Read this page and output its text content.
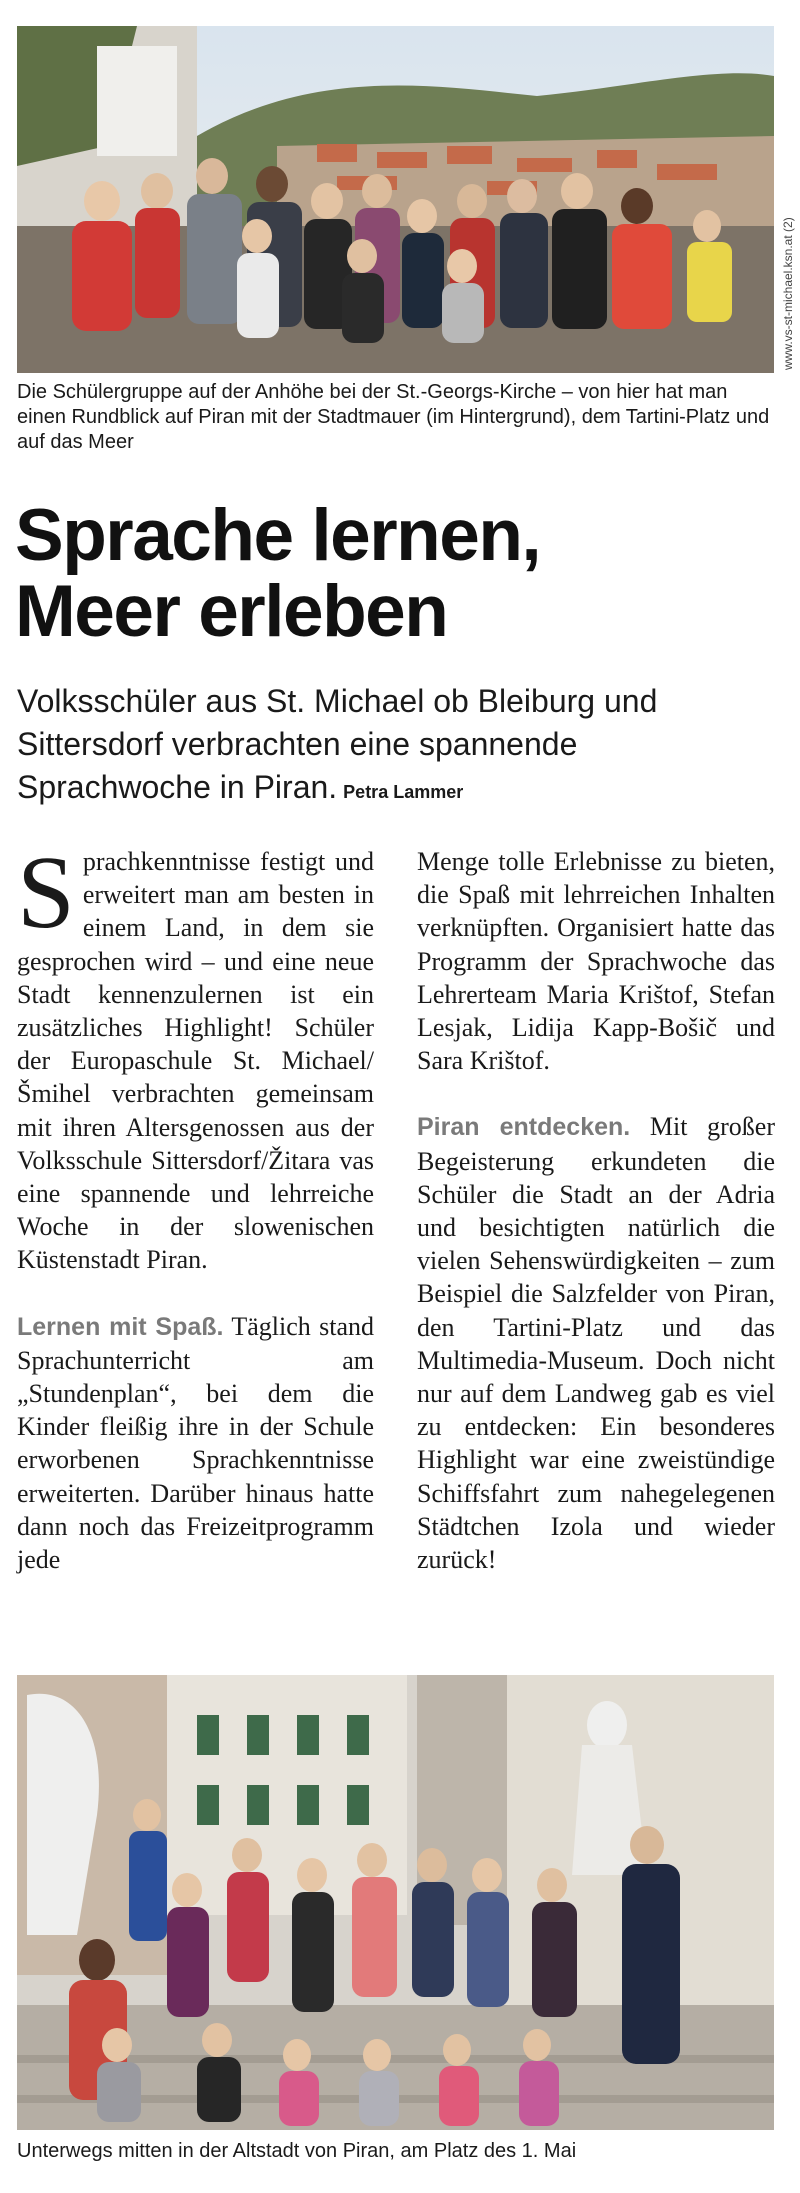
www.vs-st-michael.ksn.at (2)
Die Schülergruppe auf der Anhöhe bei der St.-Georgs-Kirche – von hier hat man einen Rundblick auf Piran mit der Stadtmauer (im Hintergrund), dem Tartini-Platz und auf das Meer
Sprache lernen,
Meer erleben
Volksschüler aus St. Michael ob Bleiburg und Sittersdorf verbrachten eine spannende Sprachwoche in Piran. Petra Lammer

Sprachkenntnisse festigt und erweitert man am besten in einem Land, in dem sie gesprochen wird – und eine neue Stadt kennenzulernen ist ein zusätzliches Highlight! Schüler der Europaschule St. Michael/Šmihel verbrachten gemeinsam mit ihren Altersgenossen aus der Volksschule Sittersdorf/Žitara vas eine spannende und lehrreiche Woche in der slowenischen Küstenstadt Piran.

Lernen mit Spaß. Täglich stand Sprachunterricht am „Stundenplan“, bei dem die Kinder fleißig ihre in der Schule erworbenen Sprachkenntnisse erweiterten. Darüber hinaus hatte dann noch das Freizeitprogramm jede

Menge tolle Erlebnisse zu bieten, die Spaß mit lehrreichen Inhalten verknüpften. Organisiert hatte das Programm der Sprachwoche das Lehrerteam Maria Krištof, Stefan Lesjak, Lidija Kapp-Bošič und Sara Krištof.

Piran entdecken. Mit großer Begeisterung erkundeten die Schüler die Stadt an der Adria und besichtigten natürlich die vielen Sehenswürdigkeiten – zum Beispiel die Salzfelder von Piran, den Tartini-Platz und das Multimedia-Museum. Doch nicht nur auf dem Landweg gab es viel zu entdecken: Ein besonderes Highlight war eine zweistündige Schiffsfahrt zum nahegelegenen Städtchen Izola und wieder zurück!

Unterwegs mitten in der Altstadt von Piran, am Platz des 1. Mai
